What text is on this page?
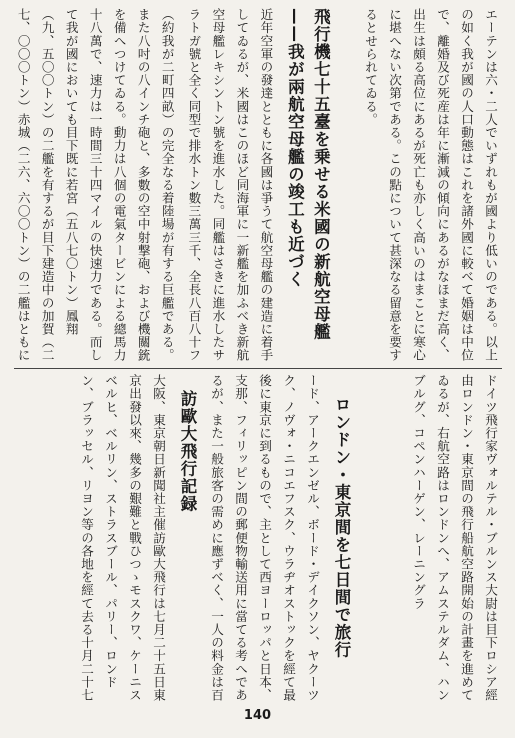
エーテンは六・二人でいずれもが國より低いのである。以上の如く我が國の人口動態はこれを諸外國に較べて婚姻は中位で、離婚及び死産は年に漸減の傾向にあるがなほまだ高く、出生は頗る高位にあるが死亡も亦しく高いのはまことに寒心に堪へない次第である。この點について甚深なる留意を要するとせられてゐる。
飛行機七十五臺を乗せる米國の新航空母艦——我が兩航空母艦の竣工も近づく
近年空軍の發達とともに各國は爭うて航空母艦の建造に着手してゐるが、米國はこのほど同海軍に一新艦を加ふべき新航空母艦レキシントン號を進水した。同艦はさきに進水したサラトガ號と全く同型で排水トン數三萬三千、全長八百八十フ
（約我が二町四畝）の完全なる着陸場が有する巨艦である。また八吋の八インチ砲と、多數の空中射撃砲、および機關銃を備へつけてゐる。動力は八個の電氣タービンによる總馬力十八萬で、速力は一時間三十四マイルの快速力である。而して我が國においても目下既に若宮（五八七〇トン）鳳翔（九、五〇〇トン）の二艦を有するが目下建造中の加賀（二七、〇〇〇トン）赤城（二六、六〇〇トン）の二艦はともに
ドイツ飛行家ヴォルテル・ブルンス大尉は目下ロシア經由ロンドン・東京間の飛行船航空路開始の計畫を進めてゐるが、右航空路はロンドンへ、アムステルダム、ハンブルグ、コペンハーゲン、レーニングラ
ロンドン・東京間を七日間で旅行
ード、アークエンゼル、ボード・デイクソン、ヤクーツク、ノヴォ・ニコエフスク、ウラヂオストックを經て最後に東京に到るもので、主として西ヨーロッパと日本、支那、フィリッピン間の郵便物輸送用に當てる考へであるが、また一般旅客の需めに應ずべく、一人の料金は百
訪歐大飛行記録
大阪、東京朝日新聞社主催訪歐大飛行は七月二十五日東京出發以來、幾多の艱難と戰ひつゝモスクワ、ケーニスベルヒ、ベルリン、ストラスブール、パリー、ロンドン、ブラッセル、リヨン等の各地を經て去る十月二十七
140
